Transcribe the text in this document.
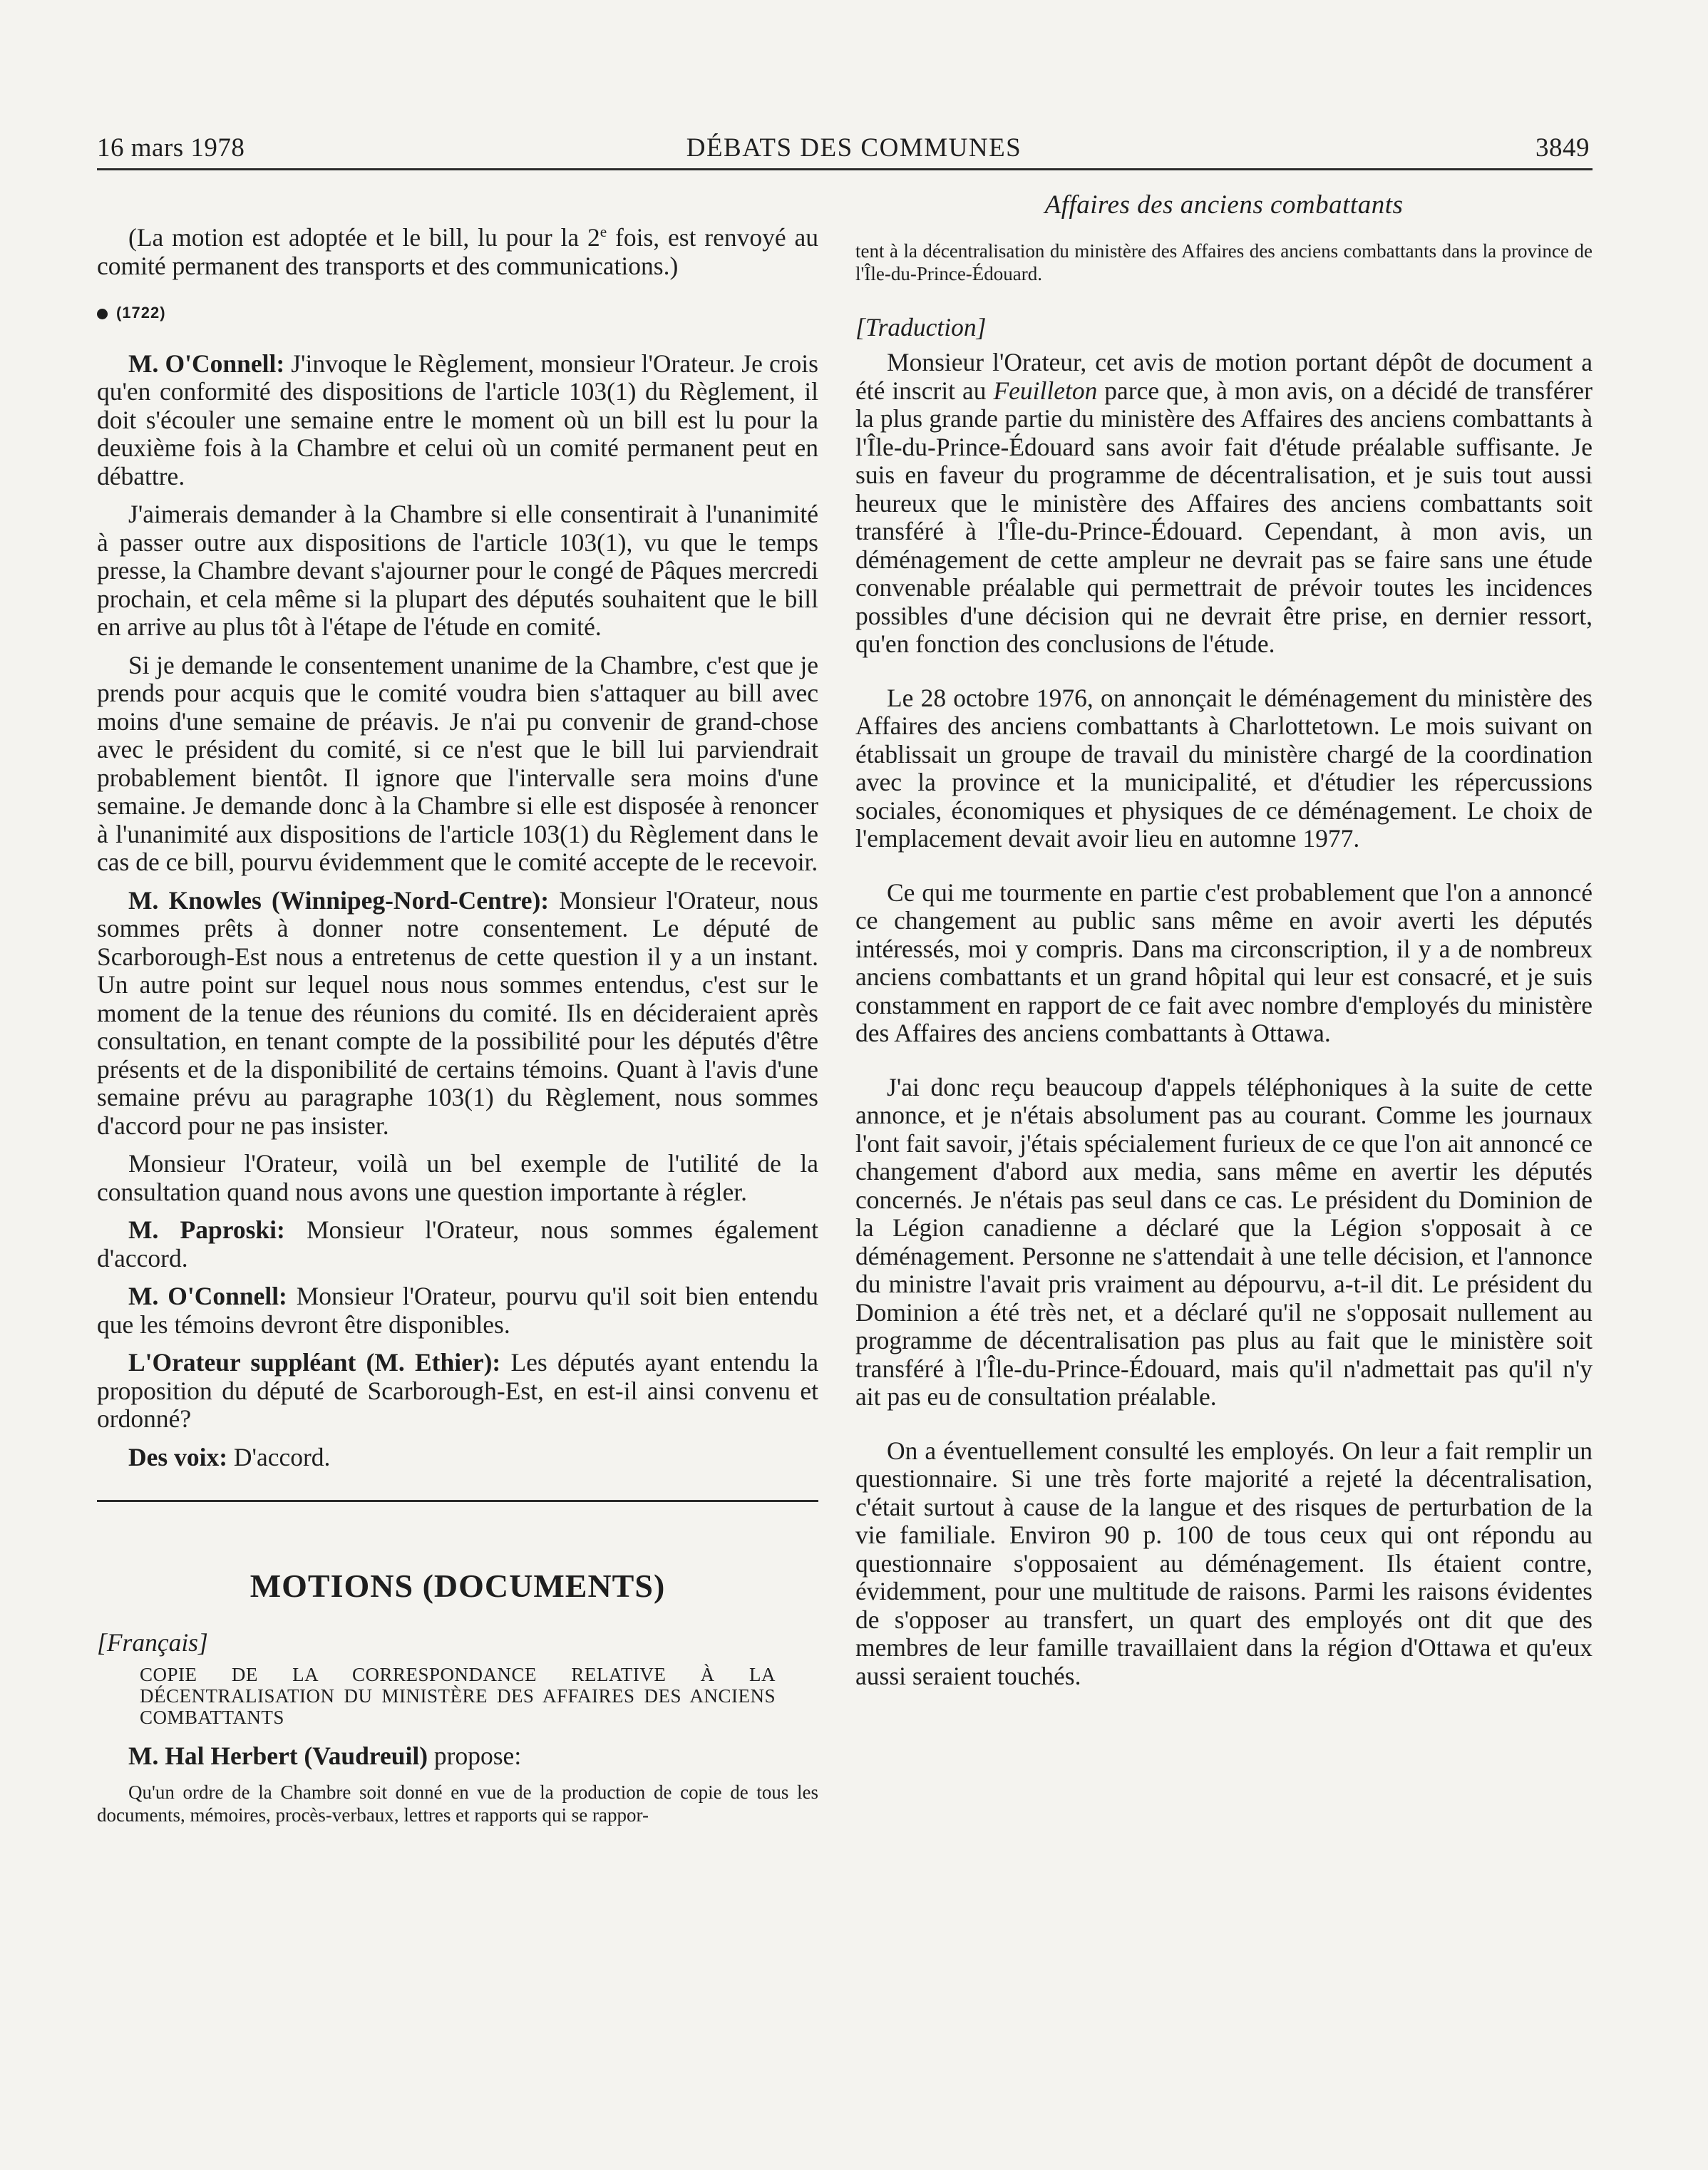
16 mars 1978	DÉBATS DES COMMUNES	3849

(La motion est adoptée et le bill, lu pour la 2e fois, est renvoyé au comité permanent des transports et des communications.)

(1722)

M. O'Connell: J'invoque le Règlement, monsieur l'Orateur. Je crois qu'en conformité des dispositions de l'article 103(1) du Règlement, il doit s'écouler une semaine entre le moment où un bill est lu pour la deuxième fois à la Chambre et celui où un comité permanent peut en débattre.

J'aimerais demander à la Chambre si elle consentirait à l'unanimité à passer outre aux dispositions de l'article 103(1), vu que le temps presse, la Chambre devant s'ajourner pour le congé de Pâques mercredi prochain, et cela même si la plupart des députés souhaitent que le bill en arrive au plus tôt à l'étape de l'étude en comité.

Si je demande le consentement unanime de la Chambre, c'est que je prends pour acquis que le comité voudra bien s'attaquer au bill avec moins d'une semaine de préavis. Je n'ai pu convenir de grand-chose avec le président du comité, si ce n'est que le bill lui parviendrait probablement bientôt. Il ignore que l'intervalle sera moins d'une semaine. Je demande donc à la Chambre si elle est disposée à renoncer à l'unanimité aux dispositions de l'article 103(1) du Règlement dans le cas de ce bill, pourvu évidemment que le comité accepte de le recevoir.

M. Knowles (Winnipeg-Nord-Centre): Monsieur l'Orateur, nous sommes prêts à donner notre consentement. Le député de Scarborough-Est nous a entretenus de cette question il y a un instant. Un autre point sur lequel nous nous sommes entendus, c'est sur le moment de la tenue des réunions du comité. Ils en décideraient après consultation, en tenant compte de la possibilité pour les députés d'être présents et de la disponibilité de certains témoins. Quant à l'avis d'une semaine prévu au paragraphe 103(1) du Règlement, nous sommes d'accord pour ne pas insister.

Monsieur l'Orateur, voilà un bel exemple de l'utilité de la consultation quand nous avons une question importante à régler.

M. Paproski: Monsieur l'Orateur, nous sommes également d'accord.

M. O'Connell: Monsieur l'Orateur, pourvu qu'il soit bien entendu que les témoins devront être disponibles.

L'Orateur suppléant (M. Ethier): Les députés ayant entendu la proposition du député de Scarborough-Est, en est-il ainsi convenu et ordonné?

Des voix: D'accord.

MOTIONS (DOCUMENTS)

[Français]

COPIE DE LA CORRESPONDANCE RELATIVE À LA DÉCENTRALISATION DU MINISTÈRE DES AFFAIRES DES ANCIENS COMBATTANTS

M. Hal Herbert (Vaudreuil) propose:

Qu'un ordre de la Chambre soit donné en vue de la production de copie de tous les documents, mémoires, procès-verbaux, lettres et rapports qui se rappor-

Affaires des anciens combattants

tent à la décentralisation du ministère des Affaires des anciens combattants dans la province de l'Île-du-Prince-Édouard.

[Traduction]

Monsieur l'Orateur, cet avis de motion portant dépôt de document a été inscrit au Feuilleton parce que, à mon avis, on a décidé de transférer la plus grande partie du ministère des Affaires des anciens combattants à l'Île-du-Prince-Édouard sans avoir fait d'étude préalable suffisante. Je suis en faveur du programme de décentralisation, et je suis tout aussi heureux que le ministère des Affaires des anciens combattants soit transféré à l'Île-du-Prince-Édouard. Cependant, à mon avis, un déménagement de cette ampleur ne devrait pas se faire sans une étude convenable préalable qui permettrait de prévoir toutes les incidences possibles d'une décision qui ne devrait être prise, en dernier ressort, qu'en fonction des conclusions de l'étude.

Le 28 octobre 1976, on annonçait le déménagement du ministère des Affaires des anciens combattants à Charlottetown. Le mois suivant on établissait un groupe de travail du ministère chargé de la coordination avec la province et la municipalité, et d'étudier les répercussions sociales, économiques et physiques de ce déménagement. Le choix de l'emplacement devait avoir lieu en automne 1977.

Ce qui me tourmente en partie c'est probablement que l'on a annoncé ce changement au public sans même en avoir averti les députés intéressés, moi y compris. Dans ma circonscription, il y a de nombreux anciens combattants et un grand hôpital qui leur est consacré, et je suis constamment en rapport de ce fait avec nombre d'employés du ministère des Affaires des anciens combattants à Ottawa.

J'ai donc reçu beaucoup d'appels téléphoniques à la suite de cette annonce, et je n'étais absolument pas au courant. Comme les journaux l'ont fait savoir, j'étais spécialement furieux de ce que l'on ait annoncé ce changement d'abord aux media, sans même en avertir les députés concernés. Je n'étais pas seul dans ce cas. Le président du Dominion de la Légion canadienne a déclaré que la Légion s'opposait à ce déménagement. Personne ne s'attendait à une telle décision, et l'annonce du ministre l'avait pris vraiment au dépourvu, a-t-il dit. Le président du Dominion a été très net, et a déclaré qu'il ne s'opposait nullement au programme de décentralisation pas plus au fait que le ministère soit transféré à l'Île-du-Prince-Édouard, mais qu'il n'admettait pas qu'il n'y ait pas eu de consultation préalable.

On a éventuellement consulté les employés. On leur a fait remplir un questionnaire. Si une très forte majorité a rejeté la décentralisation, c'était surtout à cause de la langue et des risques de perturbation de la vie familiale. Environ 90 p. 100 de tous ceux qui ont répondu au questionnaire s'opposaient au déménagement. Ils étaient contre, évidemment, pour une multitude de raisons. Parmi les raisons évidentes de s'opposer au transfert, un quart des employés ont dit que des membres de leur famille travaillaient dans la région d'Ottawa et qu'eux aussi seraient touchés.
